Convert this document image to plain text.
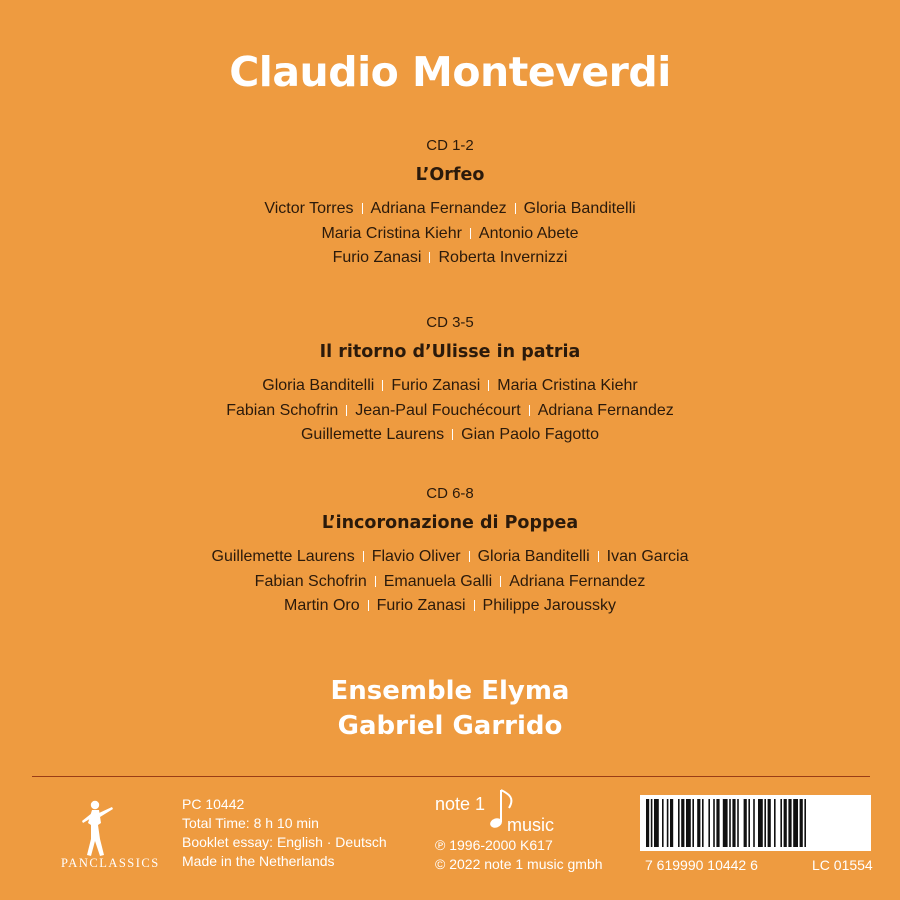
Claudio Monteverdi
CD 1-2
L’Orfeo
Victor Torres Adriana Fernandez Gloria Banditelli
Maria Cristina Kiehr Antonio Abete
Furio Zanasi Roberta Invernizzi
CD 3-5
Il ritorno d’Ulisse in patria
Gloria Banditelli Furio Zanasi Maria Cristina Kiehr
Fabian Schofrin Jean-Paul Fouchécourt Adriana Fernandez
Guillemette Laurens Gian Paolo Fagotto
CD 6-8
L’incoronazione di Poppea
Guillemette Laurens Flavio Oliver Gloria Banditelli Ivan Garcia
Fabian Schofrin Emanuela Galli Adriana Fernandez
Martin Oro Furio Zanasi Philippe Jaroussky
Ensemble Elyma
Gabriel Garrido
PANCLASSICS
PC 10442
Total Time: 8 h 10 min
Booklet essay: English · Deutsch
Made in the Netherlands
note 1
music
℗ 1996-2000 K617
© 2022 note 1 music gmbh	7 619990 10442 6	LC 01554
